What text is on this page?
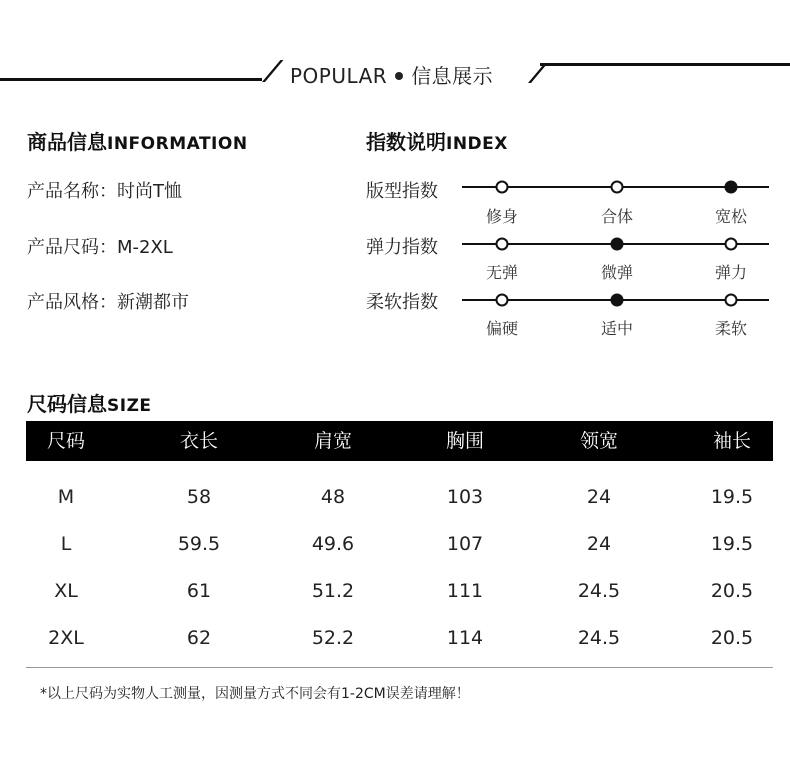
POPULAR 信息展示
商品信息INFORMATION
产品名称：时尚T恤
产品尺码：M-2XL
产品风格：新潮都市
指数说明INDEX
版型指数
修身	合体	宽松
弹力指数
无弹	微弹	弹力
柔软指数
偏硬	适中	柔软
尺码信息SIZE
尺码	衣长	肩宽	胸围	领宽	袖长
M	58	48	103	24	19.5
L	59.5	49.6	107	24	19.5
XL	61	51.2	111	24.5	20.5
2XL	62	52.2	114	24.5	20.5
*以上尺码为实物人工测量，因测量方式不同会有1-2CM误差请理解！
